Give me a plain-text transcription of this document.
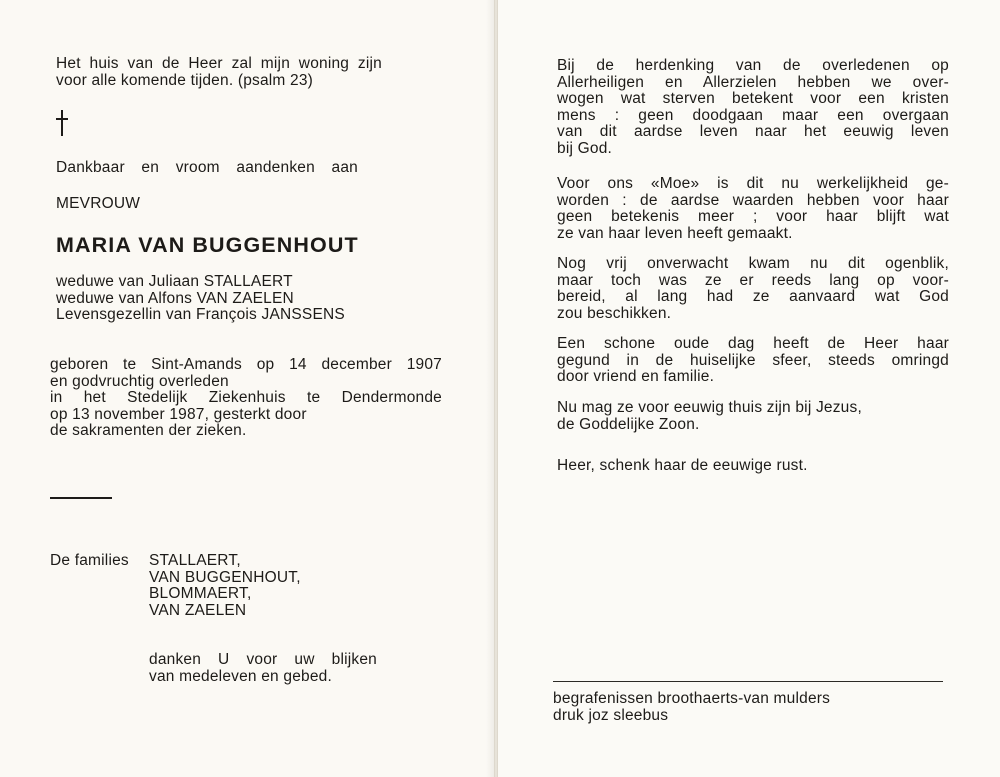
Het huis van de Heer zal mijn woning zijn
voor alle komende tijden. (psalm 23)
Dankbaar en vroom aandenken aan
MEVROUW
MARIA VAN BUGGENHOUT
weduwe van Juliaan STALLAERT
weduwe van Alfons VAN ZAELEN
Levensgezellin van François JANSSENS
geboren te Sint-Amands op 14 december 1907
en godvruchtig overleden
in het Stedelijk Ziekenhuis te Dendermonde
op 13 november 1987, gesterkt door
de sakramenten der zieken.
De families STALLAERT,
VAN BUGGENHOUT,
BLOMMAERT,
VAN ZAELEN
danken U voor uw blijken
van medeleven en gebed.
Bij de herdenking van de overledenen op
Allerheiligen en Allerzielen hebben we over-
wogen wat sterven betekent voor een kristen
mens : geen doodgaan maar een overgaan
van dit aardse leven naar het eeuwig leven
bij God.
Voor ons «Moe» is dit nu werkelijkheid ge-
worden : de aardse waarden hebben voor haar
geen betekenis meer ; voor haar blijft wat
ze van haar leven heeft gemaakt.
Nog vrij onverwacht kwam nu dit ogenblik,
maar toch was ze er reeds lang op voor-
bereid, al lang had ze aanvaard wat God
zou beschikken.
Een schone oude dag heeft de Heer haar
gegund in de huiselijke sfeer, steeds omringd
door vriend en familie.
Nu mag ze voor eeuwig thuis zijn bij Jezus,
de Goddelijke Zoon.
Heer, schenk haar de eeuwige rust.
begrafenissen broothaerts-van mulders
druk joz sleebus
